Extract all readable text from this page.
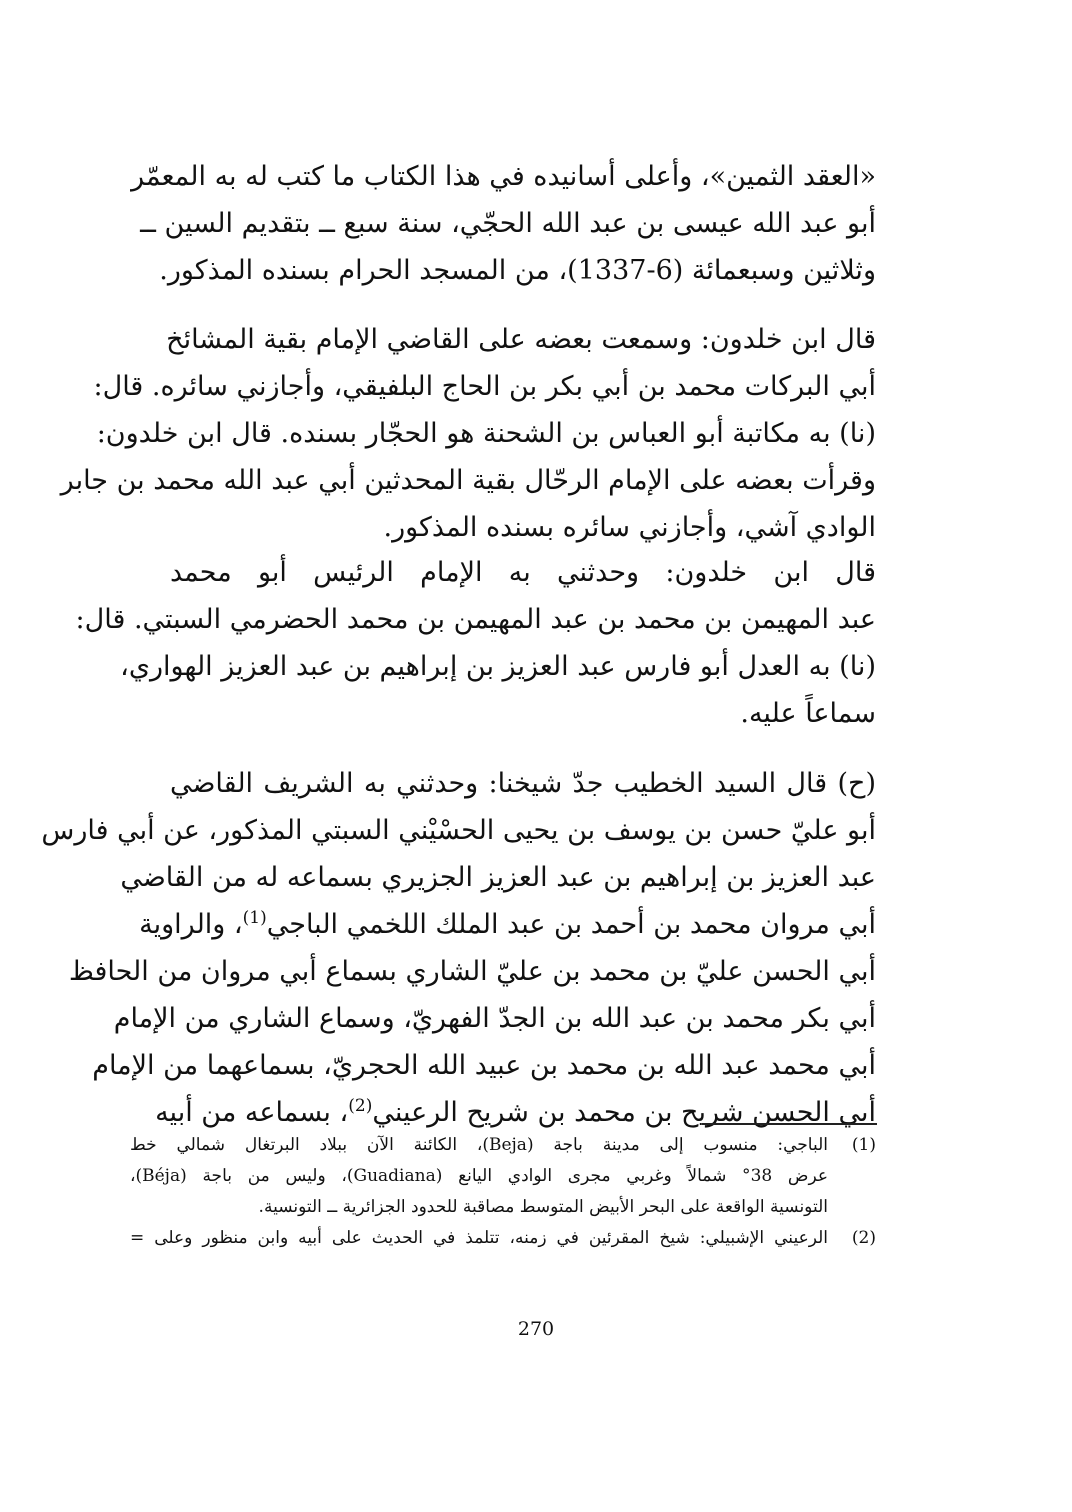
«العقد الثمين»، وأعلى أسانيده في هذا الكتاب ما كتب له به المعمّر
أبو عبد الله عيسى بن عبد الله الحجّي، سنة سبع ــ بتقديم السين ــ
وثلاثين وسبعمائة (6-1337)، من المسجد الحرام بسنده المذكور.
قال ابن خلدون: وسمعت بعضه على القاضي الإمام بقية المشائخ
أبي البركات محمد بن أبي بكر بن الحاج البلفيقي، وأجازني سائره. قال:
(نا) به مكاتبة أبو العباس بن الشحنة هو الحجّار بسنده. قال ابن خلدون:
وقرأت بعضه على الإمام الرحّال بقية المحدثين أبي عبد الله محمد بن جابر
الوادي آشي، وأجازني سائره بسنده المذكور.
قال ابن خلدون: وحدثني به الإمام الرئيس أبو محمد
عبد المهيمن بن محمد بن عبد المهيمن بن محمد الحضرمي السبتي. قال:
(نا) به العدل أبو فارس عبد العزيز بن إبراهيم بن عبد العزيز الهواري،
سماعاً عليه.
(ح) قال السيد الخطيب جدّ شيخنا: وحدثني به الشريف القاضي
أبو عليّ حسن بن يوسف بن يحيى الحسْيْني السبتي المذكور، عن أبي فارس
عبد العزيز بن إبراهيم بن عبد العزيز الجزيري بسماعه له من القاضي
أبي مروان محمد بن أحمد بن عبد الملك اللخمي الباجي$^{(1)}$، والراوية
أبي الحسن عليّ بن محمد بن عليّ الشاري بسماع أبي مروان من الحافظ
أبي بكر محمد بن عبد الله بن الجدّ الفهريّ، وسماع الشاري من الإمام
أبي محمد عبد الله بن محمد بن عبيد الله الحجريّ، بسماعهما من الإمام
أبي الحسن شريح بن محمد بن شريح الرعيني$^{(2)}$، بسماعه من أبيه
(1)
الباجي: منسوب إلى مدينة باجة (Beja)، الكائنة الآن ببلاد البرتغال شمالي خط
عرض 38° شمالاً وغربي مجرى الوادي اليانع (Guadiana)، وليس من باجة (Béja)،
التونسية الواقعة على البحر الأبيض المتوسط مصاقبة للحدود الجزائرية ــ التونسية.
(2)
الرعيني الإشبيلي: شيخ المقرئين في زمنه، تتلمذ في الحديث على أبيه وابن منظور وعلى =
270
